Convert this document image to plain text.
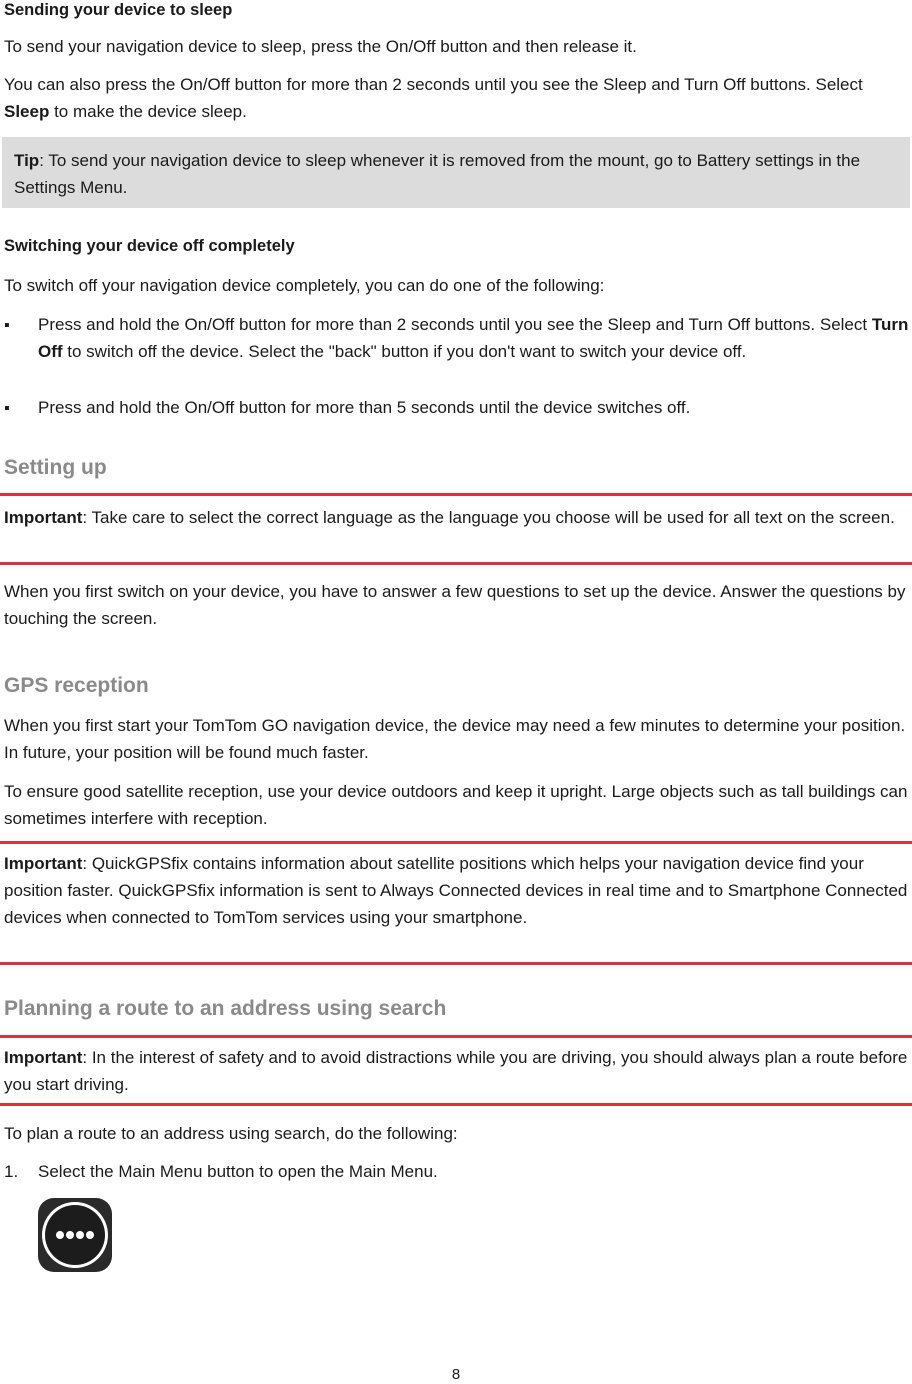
Sending your device to sleep
To send your navigation device to sleep, press the On/Off button and then release it.
You can also press the On/Off button for more than 2 seconds until you see the Sleep and Turn Off buttons. Select Sleep to make the device sleep.
Tip: To send your navigation device to sleep whenever it is removed from the mount, go to Battery settings in the Settings Menu.
Switching your device off completely
To switch off your navigation device completely, you can do one of the following:
▪ Press and hold the On/Off button for more than 2 seconds until you see the Sleep and Turn Off buttons. Select Turn Off to switch off the device. Select the "back" button if you don't want to switch your device off.
▪ Press and hold the On/Off button for more than 5 seconds until the device switches off.
Setting up
Important: Take care to select the correct language as the language you choose will be used for all text on the screen.
When you first switch on your device, you have to answer a few questions to set up the device. Answer the questions by touching the screen.
GPS reception
When you first start your TomTom GO navigation device, the device may need a few minutes to determine your position. In future, your position will be found much faster.
To ensure good satellite reception, use your device outdoors and keep it upright. Large objects such as tall buildings can sometimes interfere with reception.
Important: QuickGPSfix contains information about satellite positions which helps your navigation device find your position faster. QuickGPSfix information is sent to Always Connected devices in real time and to Smartphone Connected devices when connected to TomTom services using your smartphone.
Planning a route to an address using search
Important: In the interest of safety and to avoid distractions while you are driving, you should always plan a route before you start driving.
To plan a route to an address using search, do the following:
1. Select the Main Menu button to open the Main Menu.
8
